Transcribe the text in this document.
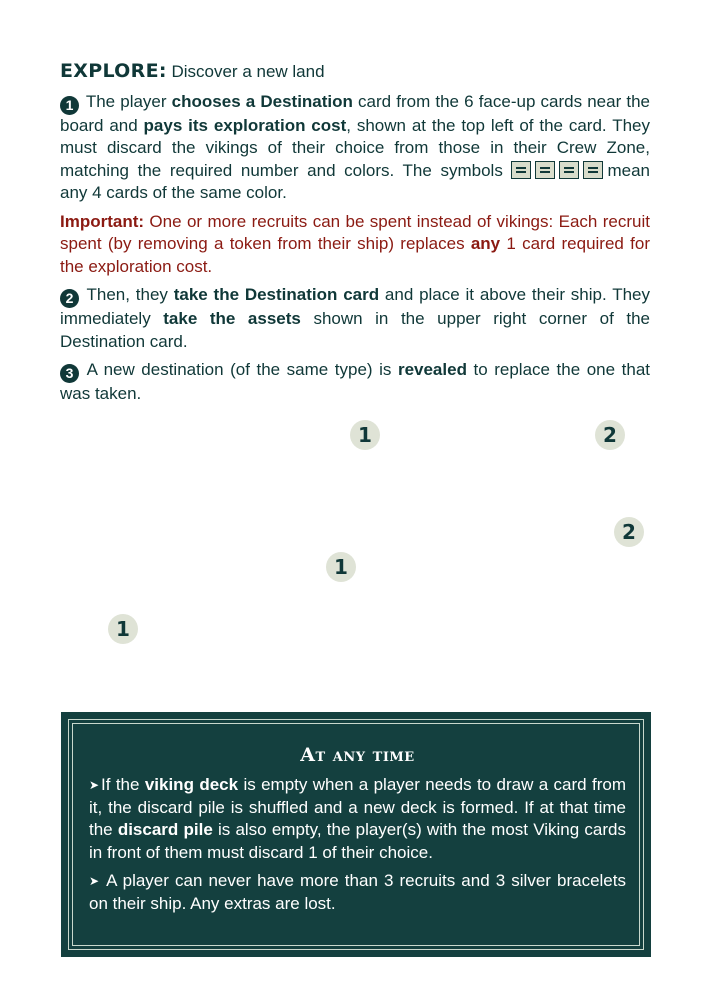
EXPLORE: Discover a new land

1 The player chooses a Destination card from the 6 face-up cards near the board and pays its exploration cost, shown at the top left of the card. They must discard the vikings of their choice from those in their Crew Zone, matching the required number and colors. The symbols	mean any 4 cards of the same color.

Important: One or more recruits can be spent instead of vikings: Each recruit spent (by removing a token from their ship) replaces any 1 card required for the exploration cost.

2 Then, they take the Destination card and place it above their ship. They immediately take the assets shown in the upper right corner of the Destination card.

3 A new destination (of the same type) is revealed to replace the one that was taken.

1	2
2
1
1
At any time

➤ If the viking deck is empty when a player needs to draw a card from it, the discard pile is shuffled and a new deck is formed. If at that time the discard pile is also empty, the player(s) with the most Viking cards in front of them must discard 1 of their choice.

➤ A player can never have more than 3 recruits and 3 silver bracelets on their ship. Any extras are lost.
